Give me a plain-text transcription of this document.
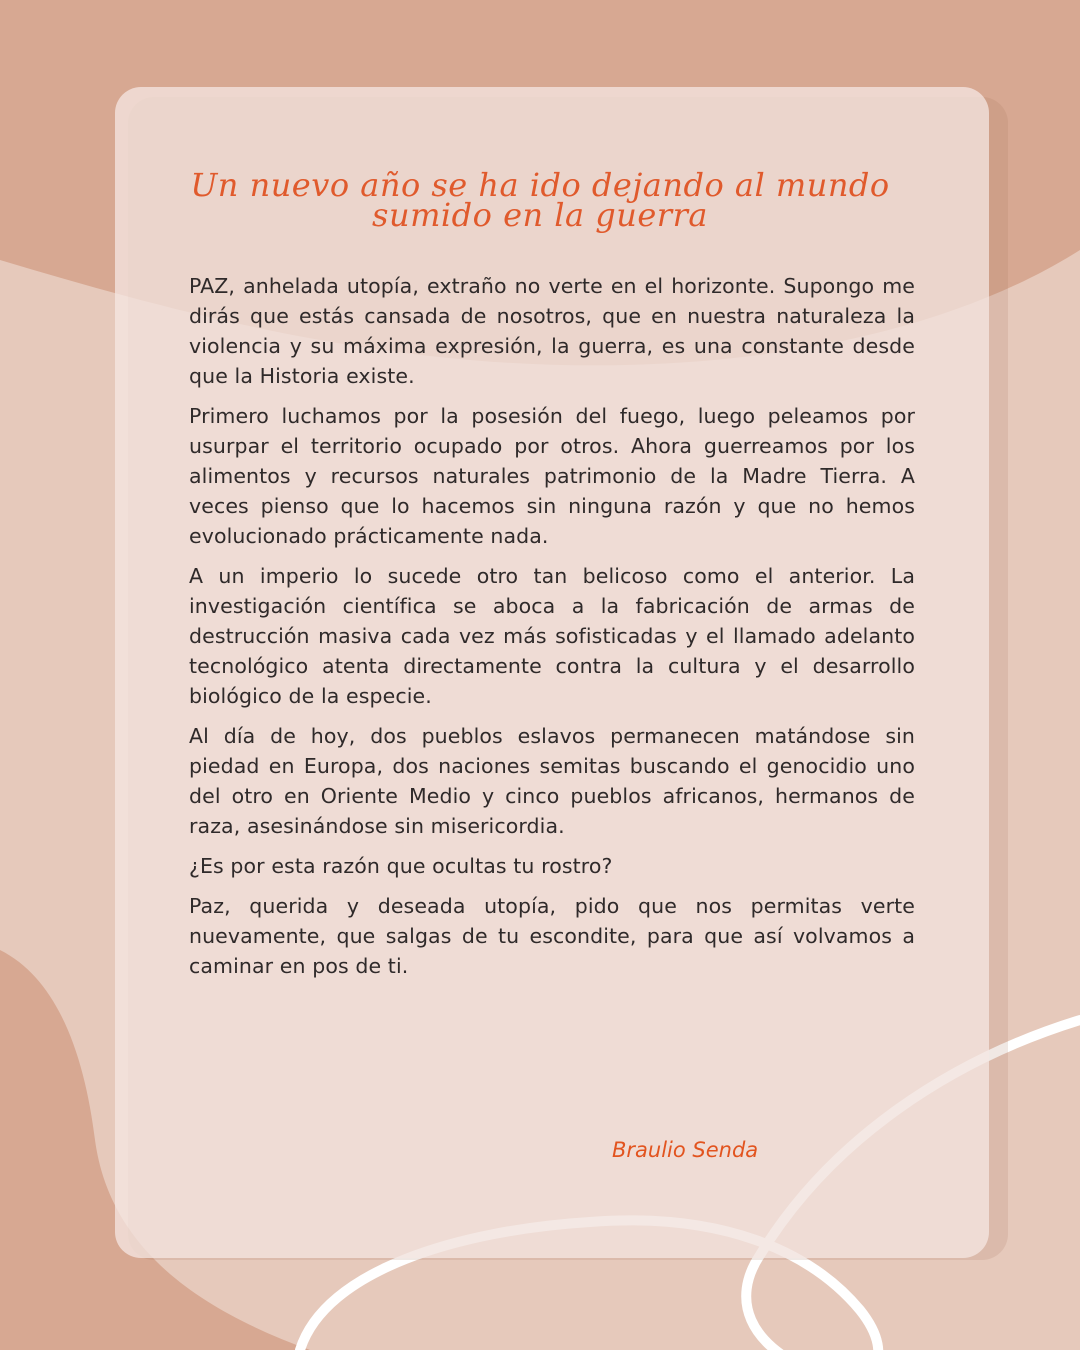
Un nuevo año se ha ido dejando al mundo
sumido en la guerra

PAZ, anhelada utopía, extraño no verte en el horizonte. Supongo me dirás que estás cansada de nosotros, que en nuestra naturaleza la violencia y su máxima expresión, la guerra, es una constante desde que la Historia existe.

Primero luchamos por la posesión del fuego, luego peleamos por usurpar el territorio ocupado por otros. Ahora guerreamos por los alimentos y recursos naturales patrimonio de la Madre Tierra. A veces pienso que lo hacemos sin ninguna razón y que no hemos evolucionado prácticamente nada.

A un imperio lo sucede otro tan belicoso como el anterior. La investigación científica se aboca a la fabricación de armas de destrucción masiva cada vez más sofisticadas y el llamado adelanto tecnológico atenta directamente contra la cultura y el desarrollo biológico de la especie.

Al día de hoy, dos pueblos eslavos permanecen matándose sin piedad en Europa, dos naciones semitas buscando el genocidio uno del otro en Oriente Medio y cinco pueblos africanos, hermanos de raza, asesinándose sin misericordia.

¿Es por esta razón que ocultas tu rostro?

Paz, querida y deseada utopía, pido que nos permitas verte nuevamente, que salgas de tu escondite, para que así volvamos a caminar en pos de ti.

Braulio Senda
